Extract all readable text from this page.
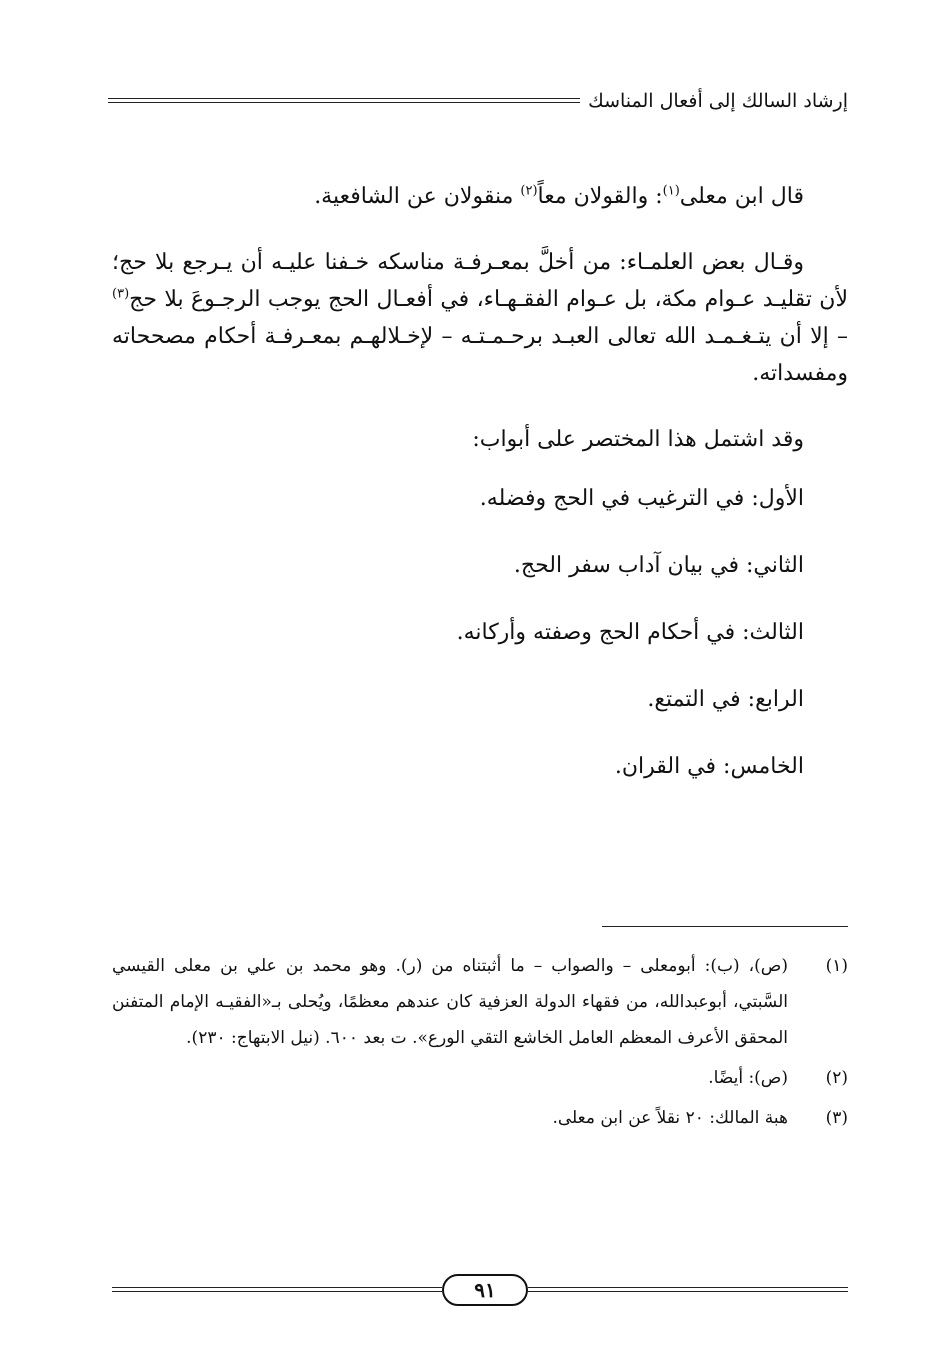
إرشاد السالك إلى أفعال المناسك

قال ابن معلى$^{(١)}$: والقولان معاً$^{(٢)}$ منقولان عن الشافعية.

وقـال بعض العلمـاء: من أخلَّ بمعـرفـة مناسكه خـفنا عليـه أن يـرجع بلا حج؛ لأن تقليـد عـوام مكة، بل عـوام الفقـهـاء، في أفعـال الحج يوجب الرجـوعَ بلا حج$^{(٣)}$ – إلا أن يتـغـمـد الله تعالى العبـد برحـمـتـه – لإخـلالهـم بمعـرفـة أحكام مصححاته ومفسداته.

وقد اشتمل هذا المختصر على أبواب:

الأول: في الترغيب في الحج وفضله.
الثاني: في بيان آداب سفر الحج.
الثالث: في أحكام الحج وصفته وأركانه.
الرابع: في التمتع.
الخامس: في القران.
(١)
(ص)، (ب): أبومعلى – والصواب – ما أثبتناه من (ر). وهو محمد بن علي بن معلى القيسي السَّبتي، أبوعبدالله، من فقهاء الدولة العزفية كان عندهم معظمًا، ويُحلى بـ«الفقيـه الإمام المتفنن المحقق الأعرف المعظم العامل الخاشع التقي الورع». ت بعد ٦٠٠. (نيل الابتهاج: ٢٣٠).
(٢)
(ص): أيضًا.
(٣)
هبة المالك: ٢٠ نقلاً عن ابن معلى.
٩١
